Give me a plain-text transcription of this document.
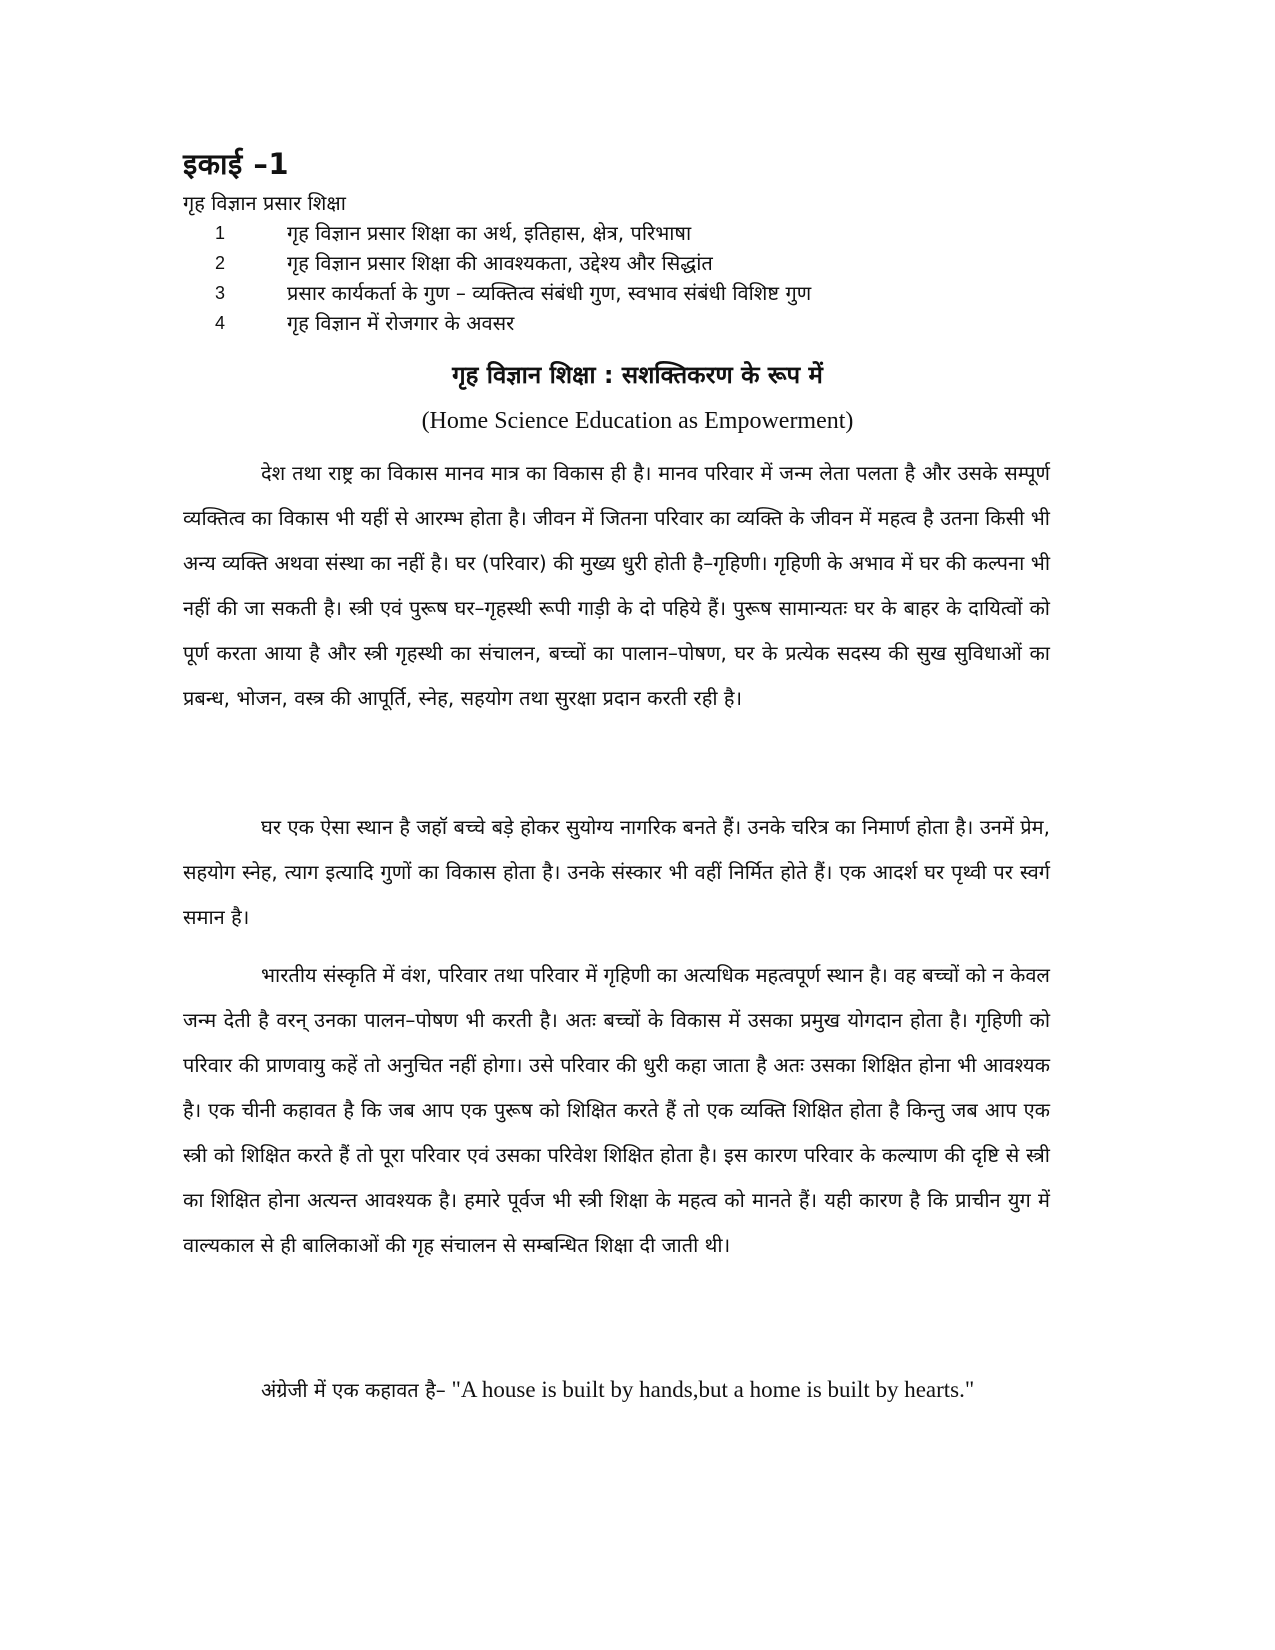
इकाई –1
गृह विज्ञान प्रसार शिक्षा
1	गृह विज्ञान प्रसार शिक्षा का अर्थ, इतिहास, क्षेत्र, परिभाषा
2	गृह विज्ञान प्रसार शिक्षा की आवश्यकता, उद्देश्य और सिद्धांत
3	प्रसार कार्यकर्ता के गुण – व्यक्तित्व संबंधी गुण, स्वभाव संबंधी विशिष्ट गुण
4	गृह विज्ञान में रोजगार के अवसर
गृह विज्ञान शिक्षा : सशक्तिकरण के रूप में
(Home Science Education as Empowerment)

देश तथा राष्ट्र का विकास मानव मात्र का विकास ही है। मानव परिवार में जन्म लेता पलता है और उसके सम्पूर्ण व्यक्तित्व का विकास भी यहीं से आरम्भ होता है। जीवन में जितना परिवार का व्यक्ति के जीवन में महत्व है उतना किसी भी अन्य व्यक्ति अथवा संस्था का नहीं है। घर (परिवार) की मुख्य धुरी होती है–गृहिणी। गृहिणी के अभाव में घर की कल्पना भी नहीं की जा सकती है। स्त्री एवं पुरूष घर–गृहस्थी रूपी गाड़ी के दो पहिये हैं। पुरूष सामान्यतः घर के बाहर के दायित्वों को पूर्ण करता आया है और स्त्री गृहस्थी का संचालन, बच्चों का पालान–पोषण, घर के प्रत्येक सदस्य की सुख सुविधाओं का प्रबन्ध, भोजन, वस्त्र की आपूर्ति, स्नेह, सहयोग तथा सुरक्षा प्रदान करती रही है।

घर एक ऐसा स्थान है जहॉ बच्चे बड़े होकर सुयोग्य नागरिक बनते हैं। उनके चरित्र का निमार्ण होता है। उनमें प्रेम, सहयोग स्नेह, त्याग इत्यादि गुणों का विकास होता है। उनके संस्कार भी वहीं निर्मित होते हैं। एक आदर्श घर पृथ्वी पर स्वर्ग समान है।

भारतीय संस्कृति में वंश, परिवार तथा परिवार में गृहिणी का अत्यधिक महत्वपूर्ण स्थान है। वह बच्चों को न केवल जन्म देती है वरन् उनका पालन–पोषण भी करती है। अतः बच्चों के विकास में उसका प्रमुख योगदान होता है। गृहिणी को परिवार की प्राणवायु कहें तो अनुचित नहीं होगा। उसे परिवार की धुरी कहा जाता है अतः उसका शिक्षित होना भी आवश्यक है। एक चीनी कहावत है कि जब आप एक पुरूष को शिक्षित करते हैं तो एक व्यक्ति शिक्षित होता है किन्तु जब आप एक स्त्री को शिक्षित करते हैं तो पूरा परिवार एवं उसका परिवेश शिक्षित होता है। इस कारण परिवार के कल्याण की दृष्टि से स्त्री का शिक्षित होना अत्यन्त आवश्यक है। हमारे पूर्वज भी स्त्री शिक्षा के महत्व को मानते हैं। यही कारण है कि प्राचीन युग में वाल्यकाल से ही बालिकाओं की गृह संचालन से सम्बन्धित शिक्षा दी जाती थी।

अंग्रेजी में एक कहावत है– "A house is built by hands,but a home is built by hearts."
